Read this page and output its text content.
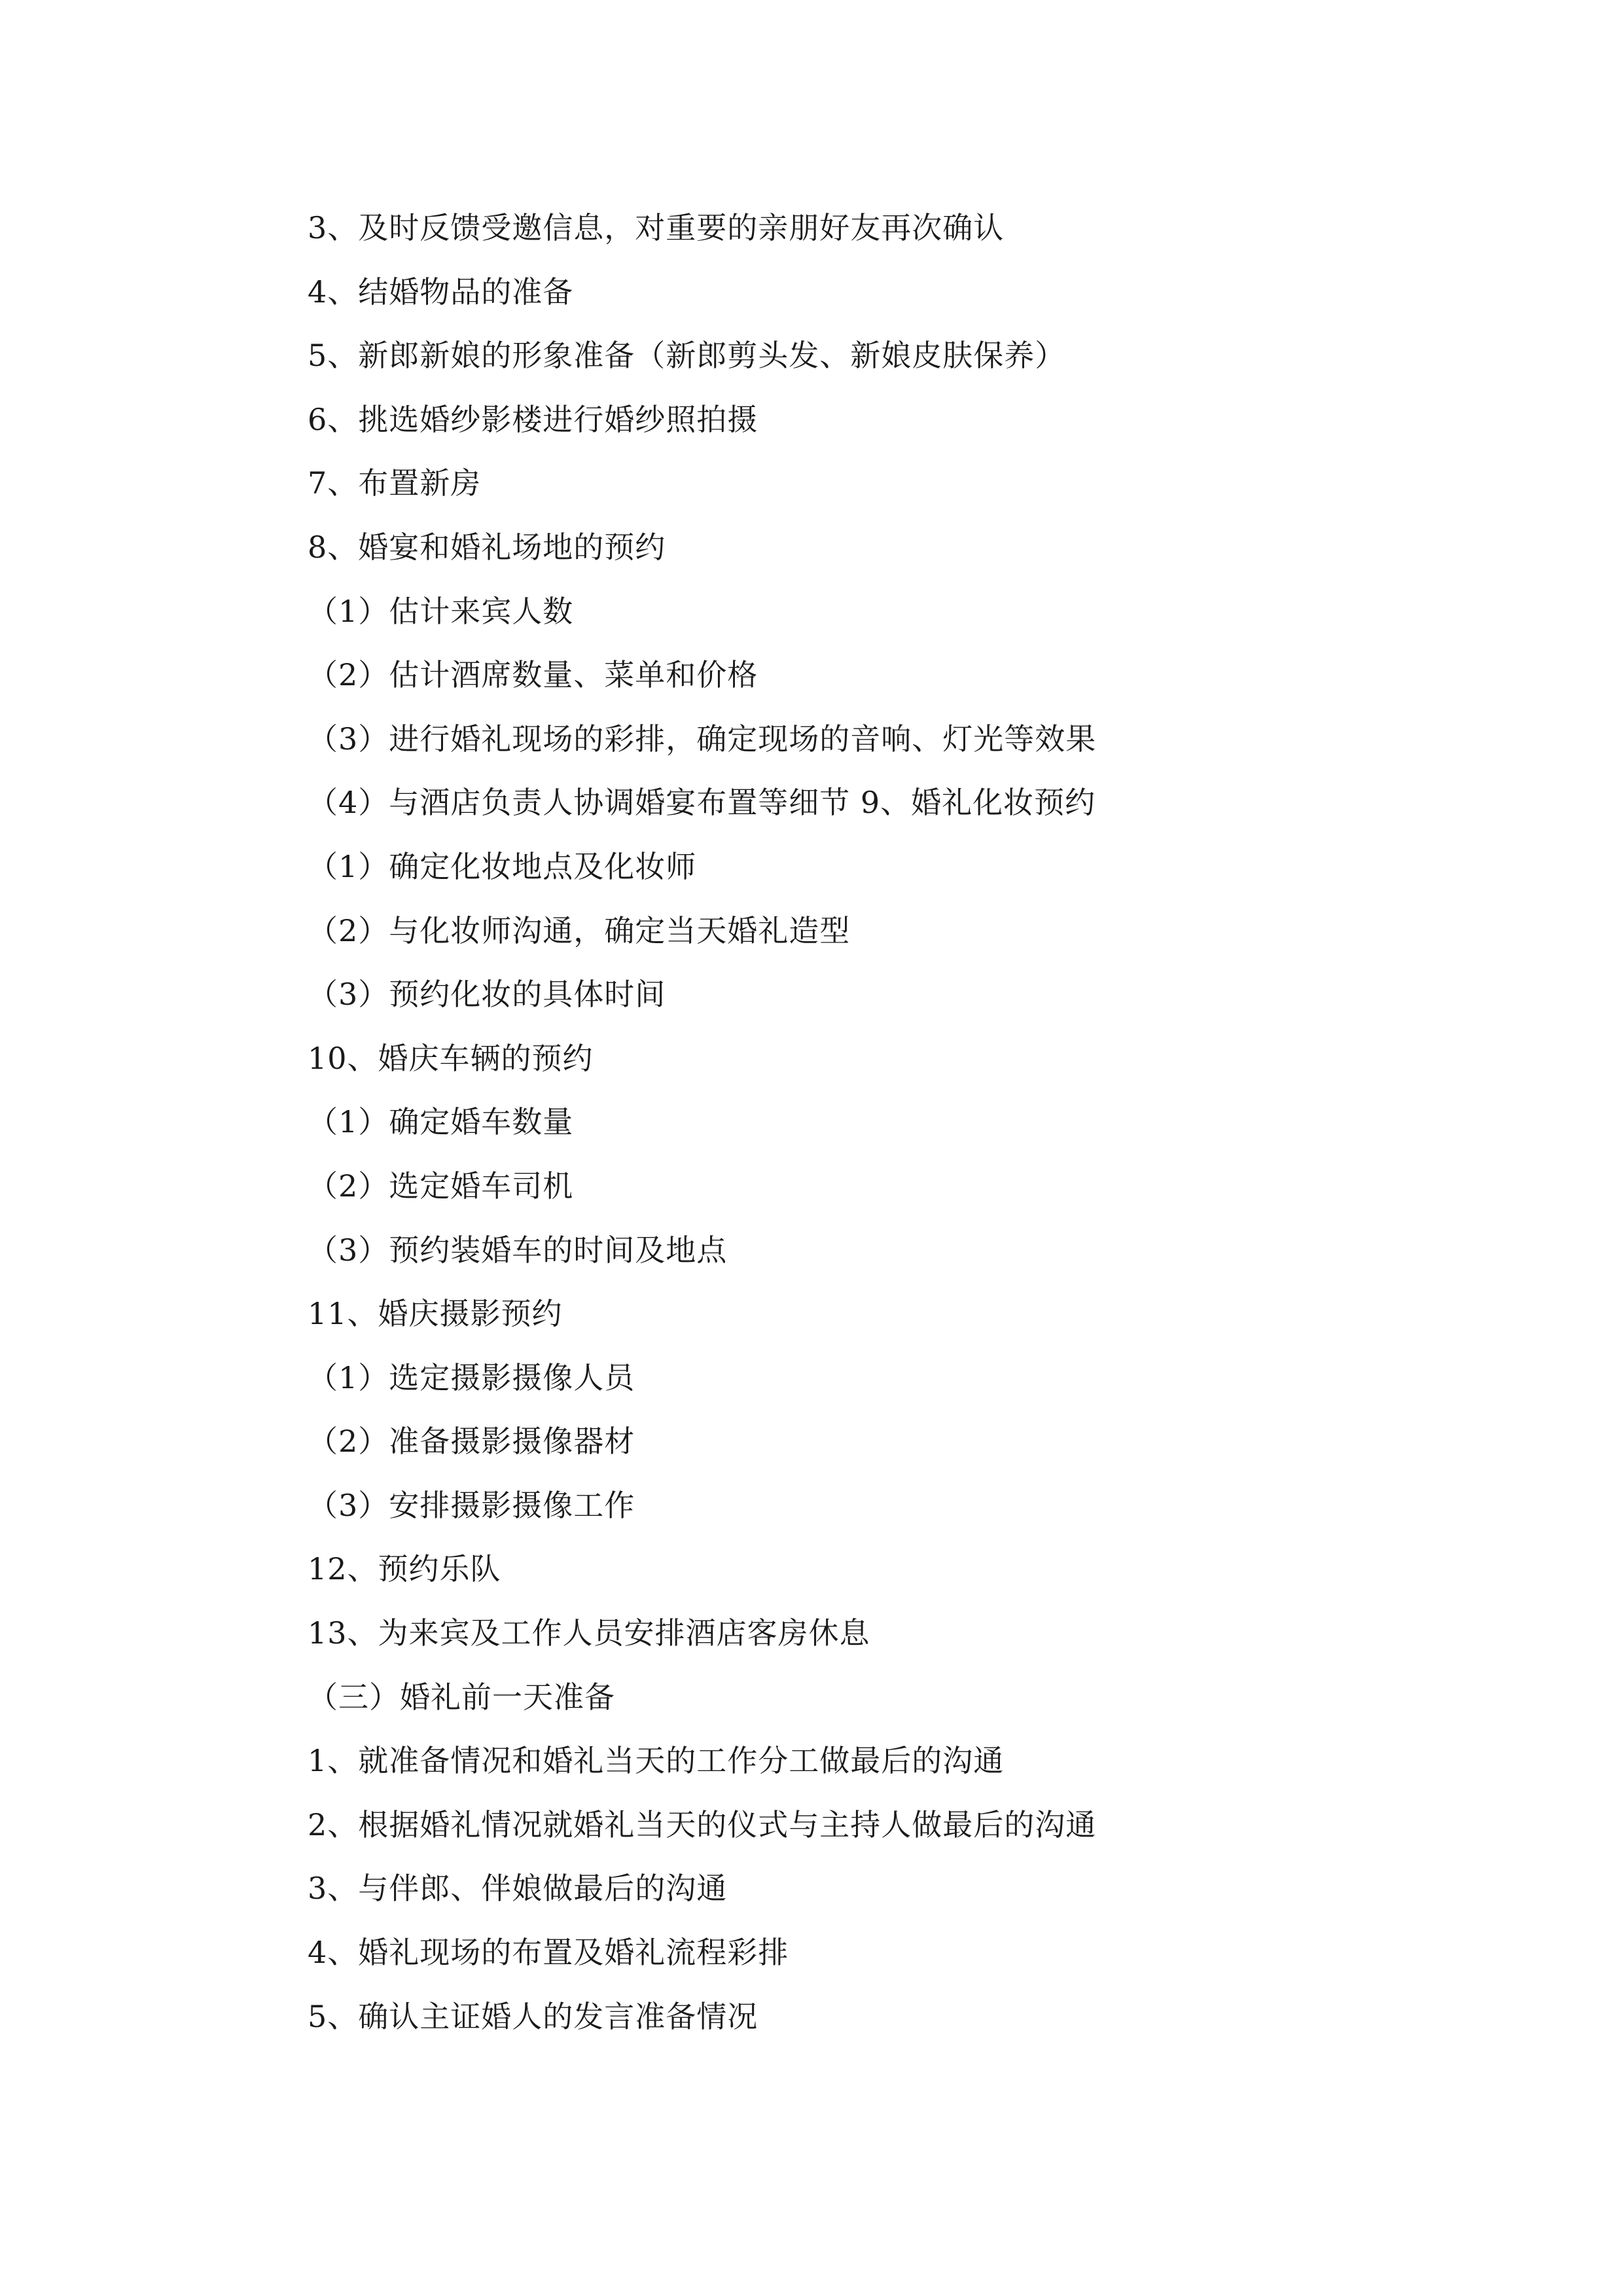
3、及时反馈受邀信息，对重要的亲朋好友再次确认
4、结婚物品的准备
5、新郎新娘的形象准备（新郎剪头发、新娘皮肤保养）
6、挑选婚纱影楼进行婚纱照拍摄
7、布置新房
8、婚宴和婚礼场地的预约
（1）估计来宾人数
（2）估计酒席数量、菜单和价格
（3）进行婚礼现场的彩排，确定现场的音响、灯光等效果
（4）与酒店负责人协调婚宴布置等细节 9、婚礼化妆预约
（1）确定化妆地点及化妆师
（2）与化妆师沟通，确定当天婚礼造型
（3）预约化妆的具体时间
10、婚庆车辆的预约
（1）确定婚车数量
（2）选定婚车司机
（3）预约装婚车的时间及地点
11、婚庆摄影预约
（1）选定摄影摄像人员
（2）准备摄影摄像器材
（3）安排摄影摄像工作
12、预约乐队
13、为来宾及工作人员安排酒店客房休息
（三）婚礼前一天准备
1、就准备情况和婚礼当天的工作分工做最后的沟通
2、根据婚礼情况就婚礼当天的仪式与主持人做最后的沟通
3、与伴郎、伴娘做最后的沟通
4、婚礼现场的布置及婚礼流程彩排
5、确认主证婚人的发言准备情况
